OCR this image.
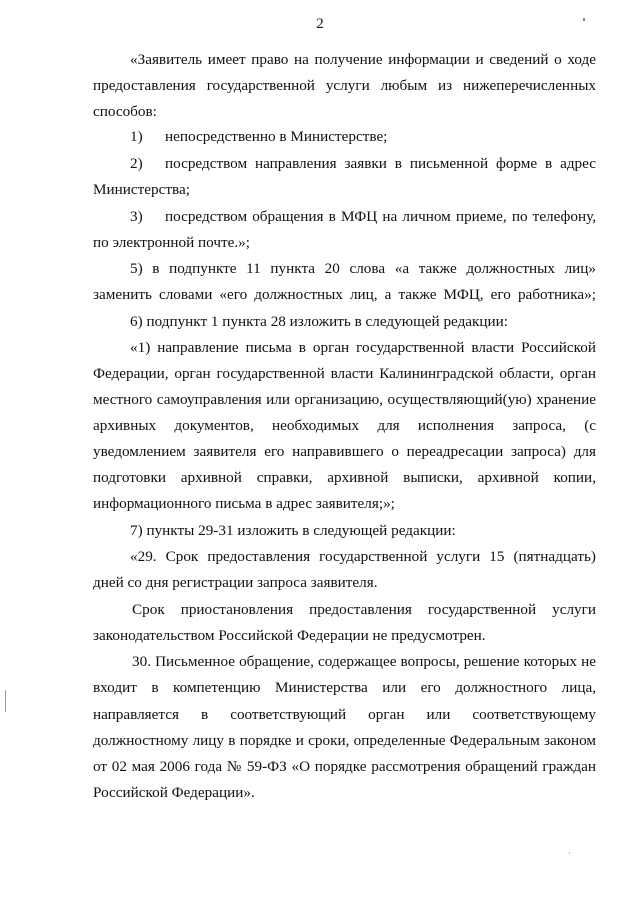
2
«Заявитель имеет право на получение информации и сведений о ходе
предоставления государственной услуги любым из нижеперечисленных
способов:
1) непосредственно в Министерстве;
2) посредством направления заявки в письменной форме в адрес
Министерства;
3) посредством обращения в МФЦ на личном приеме, по телефону,
по электронной почте.»;
5) в подпункте 11 пункта 20 слова «а также должностных лиц»
заменить словами «его должностных лиц, а также МФЦ, его работника»;
6) подпункт 1 пункта 28 изложить в следующей редакции:
«1) направление письма в орган государственной власти Российской
Федерации, орган государственной власти Калининградской области, орган
местного самоуправления или организацию, осуществляющий(ую) хранение
архивных документов, необходимых для исполнения запроса, (с
уведомлением заявителя его направившего о переадресации запроса) для
подготовки архивной справки, архивной выписки, архивной копии,
информационного письма в адрес заявителя;»;
7) пункты 29-31 изложить в следующей редакции:
«29. Срок предоставления государственной услуги 15 (пятнадцать)
дней со дня регистрации запроса заявителя.
Срок приостановления предоставления государственной услуги
законодательством Российской Федерации не предусмотрен.
30. Письменное обращение, содержащее вопросы, решение которых не
входит в компетенцию Министерства или его должностного лица,
направляется в соответствующий орган или соответствующему
должностному лицу в порядке и сроки, определенные Федеральным законом
от 02 мая 2006 года № 59-ФЗ «О порядке рассмотрения обращений граждан
Российской Федерации».
